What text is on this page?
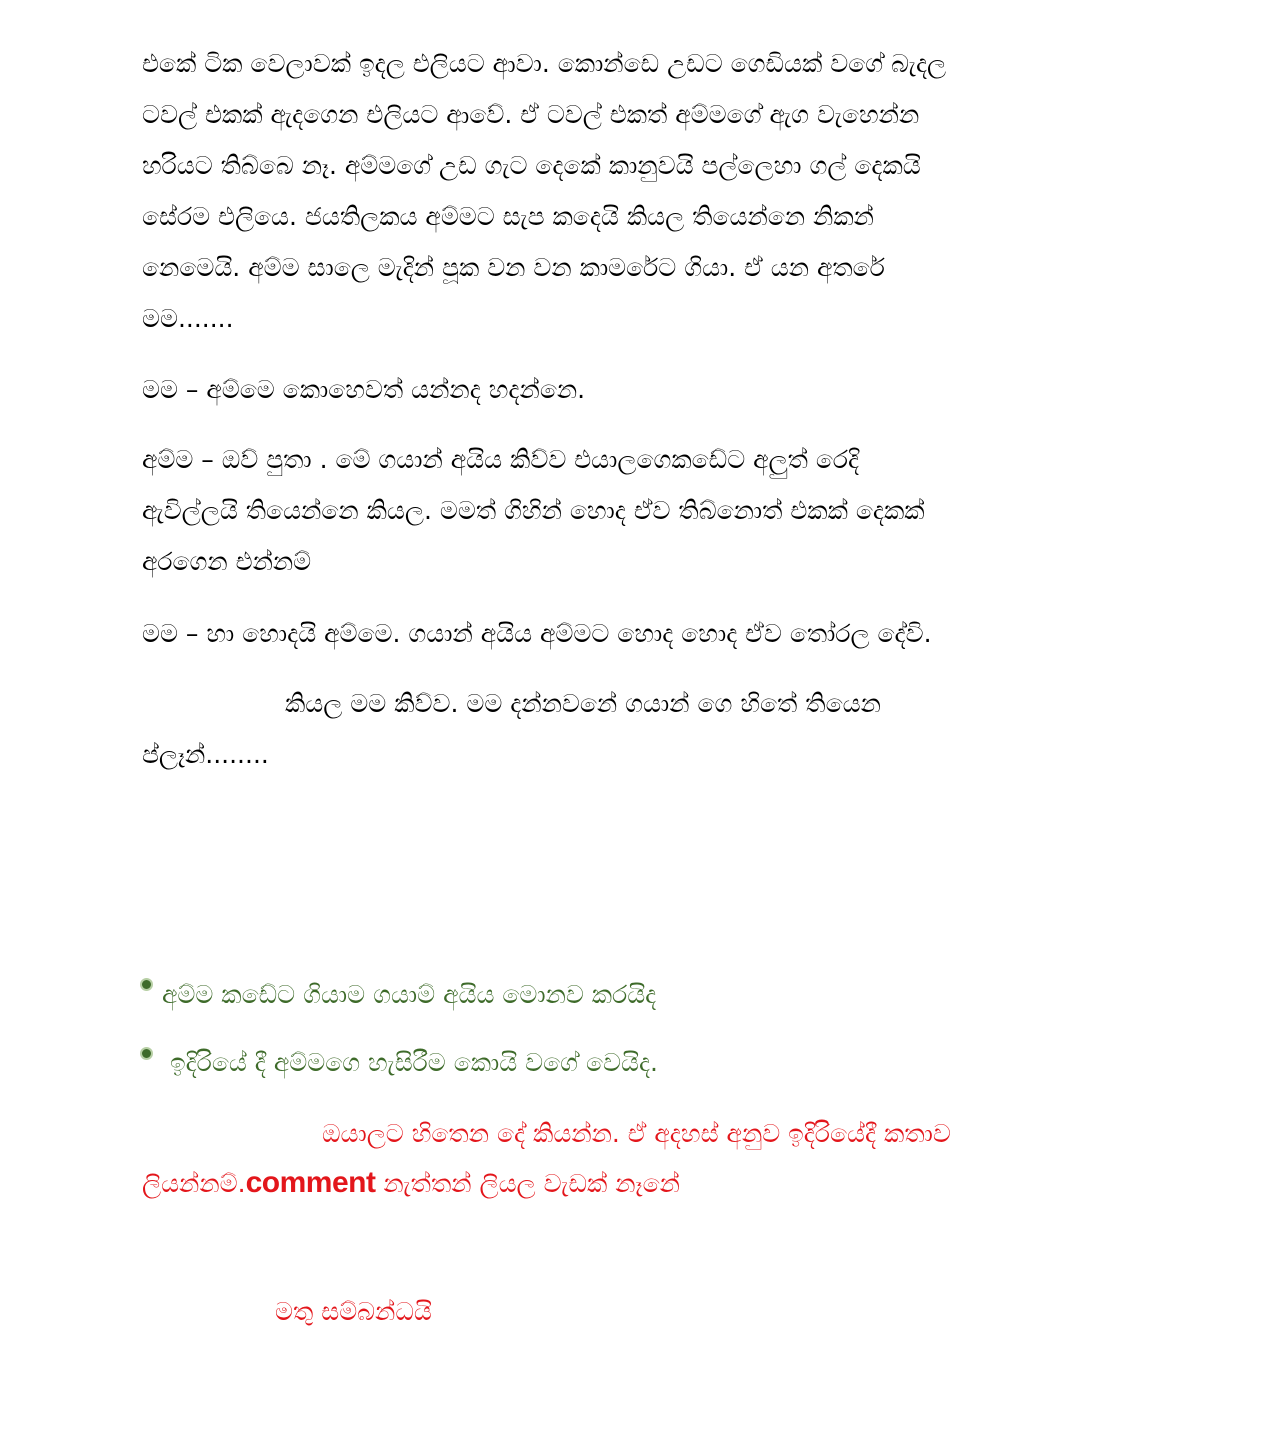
එකේ ටික වෙලාවක් ඉදල එලියට ආවා. කොන්ඩෙ උඩට ගෙඩියක් වගේ බැදල

ටවල් එකක් ඇදගෙන එලියට ආවේ. ඒ ටවල් එකත් අම්මගේ ඇග වැහෙන්න

හරියට තිබ්බෙ නෑ. අම්මගේ උඩ ගැට දෙකේ කානුවයි පල්ලෙහා ගල් දෙකයි

සේරම එලියෙ. ජයතිලකය අම්මට සැප කදෙයි කියල තියෙන්නෙ නිකන්

නෙමෙයි. අම්ම සාලෙ මැදින් පූක වන වන කාමරේට ගියා. ඒ යන අතරේ

මම.......

මම – අම්මෙ කොහෙවත් යන්නද හදන්නෙ.

අම්ම – ඔව් පුතා . මේ ගයාන් අයිය කිව්ව එයාලගෙකඩේට අලුත් රෙදි

ඇවිල්ලයි තියෙන්නෙ කියල. මමත් ගිහින් හොද ඒව තිබ්නොත් එකක් දෙකක්

අරගෙන එන්නම්

මම – හා හොදයි අම්මෙ. ගයාන් අයිය අම්මට හොද හොද ඒව තෝරල දේවි.

කියල මම කිව්ව. මම දන්නවනේ ගයාන් ගෙ හිතේ තියෙන

ප්ලෑන්........

අම්ම කඩේට ගියාම ගයාම් අයිය මොනව කරයිද

ඉදිරියේ දී අම්මගෙ හැසිරීම කොයි වගේ වෙයිද.

ඔයාලට හිතෙන දේ කියන්න. ඒ අදහස් අනුව ඉදිරියේදී කතාව

ලියන්නම්.comment නැත්තන් ලියල වැඩක් නෑනේ

මතු සම්බන්ධයි
